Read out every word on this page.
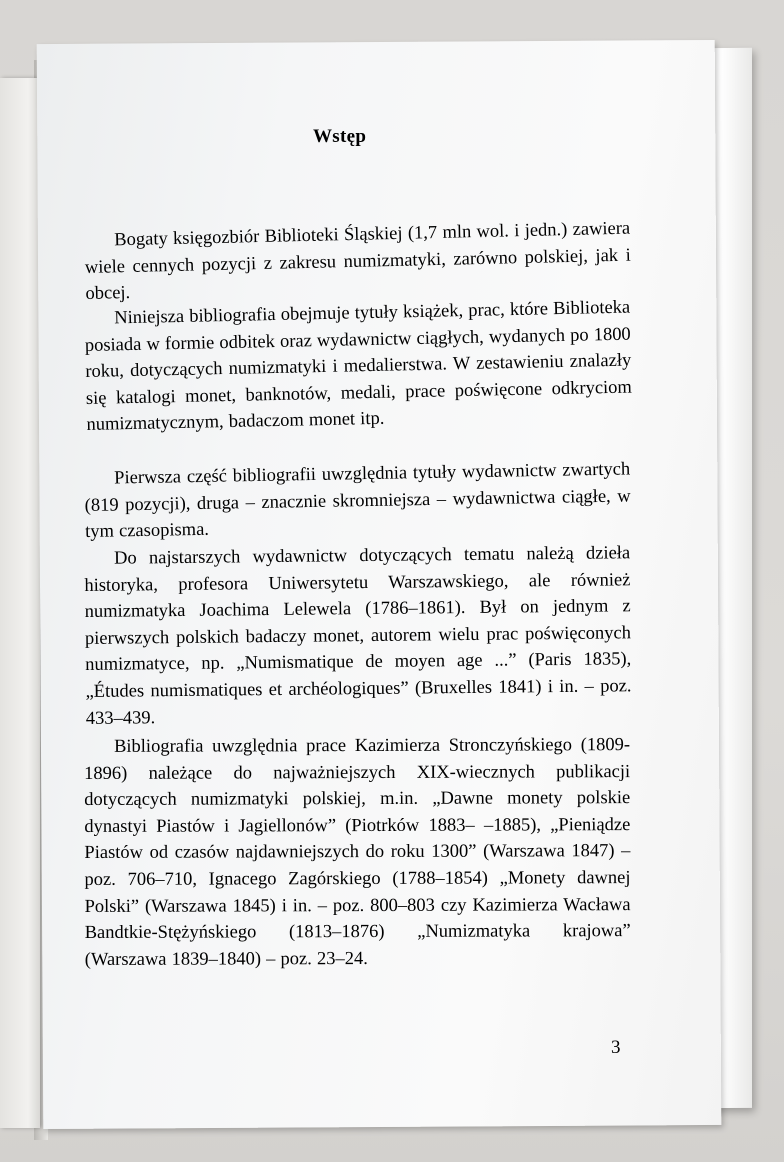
Wstęp

Bogaty księgozbiór Biblioteki Śląskiej (1,7 mln wol. i jedn.) zawiera wiele cennych pozycji z zakresu numizmatyki, zarówno polskiej, jak i obcej.

Niniejsza bibliografia obejmuje tytuły książek, prac, które Biblioteka posiada w formie odbitek oraz wydawnictw ciągłych, wydanych po 1800 roku, dotyczących numizmatyki i medalierstwa. W zestawieniu znalazły się katalogi monet, banknotów, medali, prace poświęcone odkryciom numizmatycznym, badaczom monet itp.

Pierwsza część bibliografii uwzględnia tytuły wydawnictw zwartych (819 pozycji), druga – znacznie skromniejsza – wydawnictwa ciągłe, w tym czasopisma.

Do najstarszych wydawnictw dotyczących tematu należą dzieła historyka, profesora Uniwersytetu Warszawskiego, ale również numizmatyka Joachima Lelewela (1786–1861). Był on jednym z pierwszych polskich badaczy monet, autorem wielu prac poświęconych numizmatyce, np. „Numismatique de moyen age ...” (Paris 1835), „Études numismatiques et archéologiques” (Bruxelles 1841) i in. – poz. 433–439.

Bibliografia uwzględnia prace Kazimierza Stronczyńskiego (1809-1896) należące do najważniejszych XIX-wiecznych publikacji dotyczących numizmatyki polskiej, m.in. „Dawne monety polskie dynastyi Piastów i Jagiellonów” (Piotrków 1883– –1885), „Pieniądze Piastów od czasów najdawniejszych do roku 1300” (Warszawa 1847) – poz. 706–710, Ignacego Zagórskiego (1788–1854) „Monety dawnej Polski” (Warszawa 1845) i in. – poz. 800–803 czy Kazimierza Wacława Bandtkie-Stężyńskiego (1813–1876) „Numizmatyka krajowa” (Warszawa 1839–1840) – poz. 23–24.

3
